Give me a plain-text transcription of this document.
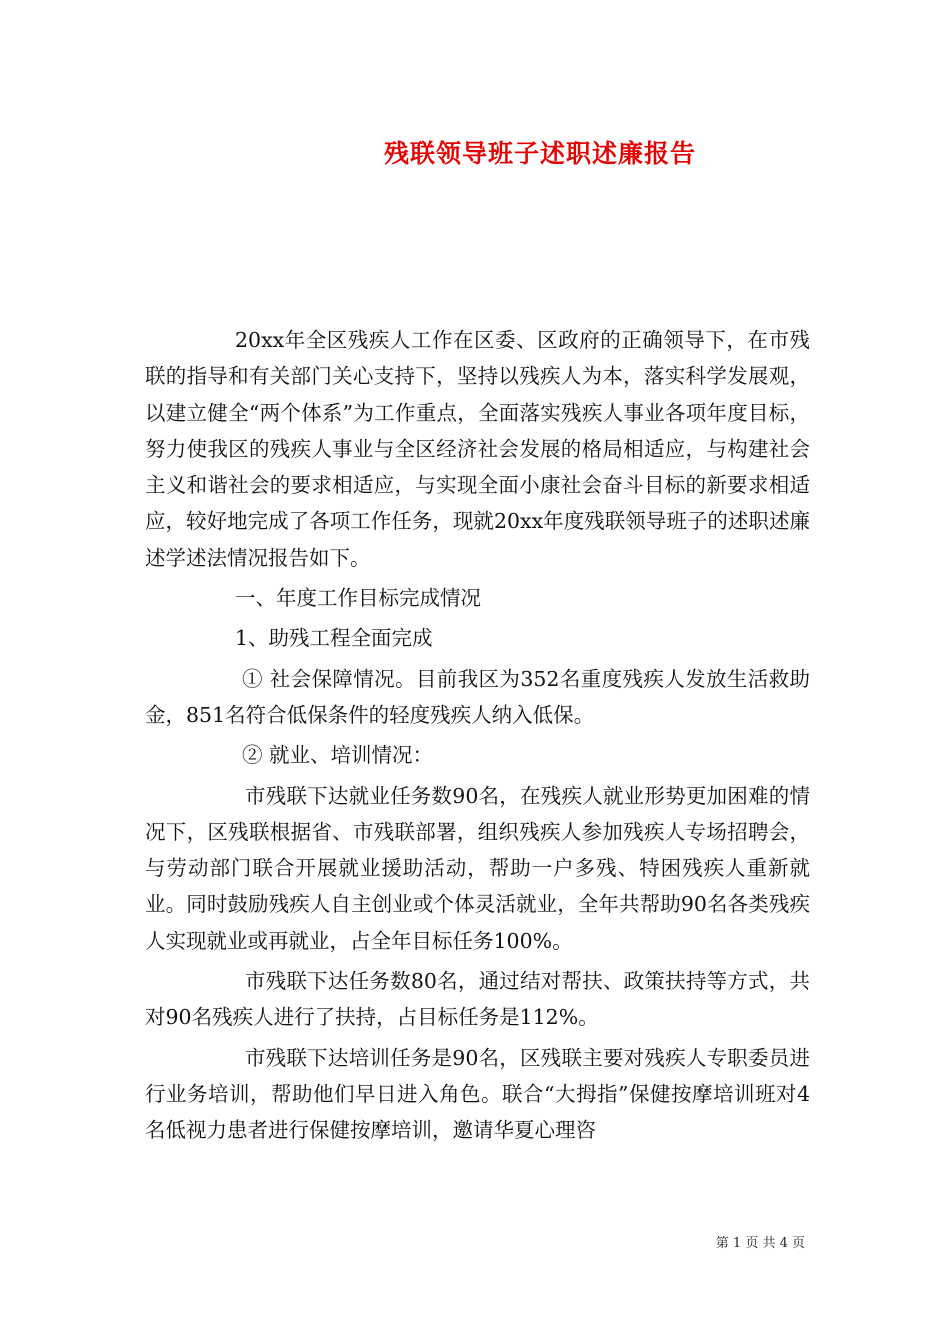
残联领导班子述职述廉报告

20xx年全区残疾人工作在区委、区政府的正确领导下，在市残联的指导和有关部门关心支持下，坚持以残疾人为本，落实科学发展观，以建立健全“两个体系”为工作重点，全面落实残疾人事业各项年度目标，努力使我区的残疾人事业与全区经济社会发展的格局相适应，与构建社会主义和谐社会的要求相适应，与实现全面小康社会奋斗目标的新要求相适应，较好地完成了各项工作任务，现就20xx年度残联领导班子的述职述廉述学述法情况报告如下。

一、年度工作目标完成情况

1、助残工程全面完成

① 社会保障情况。目前我区为352名重度残疾人发放生活救助金，851名符合低保条件的轻度残疾人纳入低保。

② 就业、培训情况：

市残联下达就业任务数90名，在残疾人就业形势更加困难的情况下，区残联根据省、市残联部署，组织残疾人参加残疾人专场招聘会，与劳动部门联合开展就业援助活动，帮助一户多残、特困残疾人重新就业。同时鼓励残疾人自主创业或个体灵活就业，全年共帮助90名各类残疾人实现就业或再就业，占全年目标任务100%。

市残联下达任务数80名，通过结对帮扶、政策扶持等方式，共对90名残疾人进行了扶持，占目标任务是112%。

市残联下达培训任务是90名，区残联主要对残疾人专职委员进行业务培训，帮助他们早日进入角色。联合“大拇指”保健按摩培训班对4名低视力患者进行保健按摩培训，邀请华夏心理咨

第 1 页 共 4 页
